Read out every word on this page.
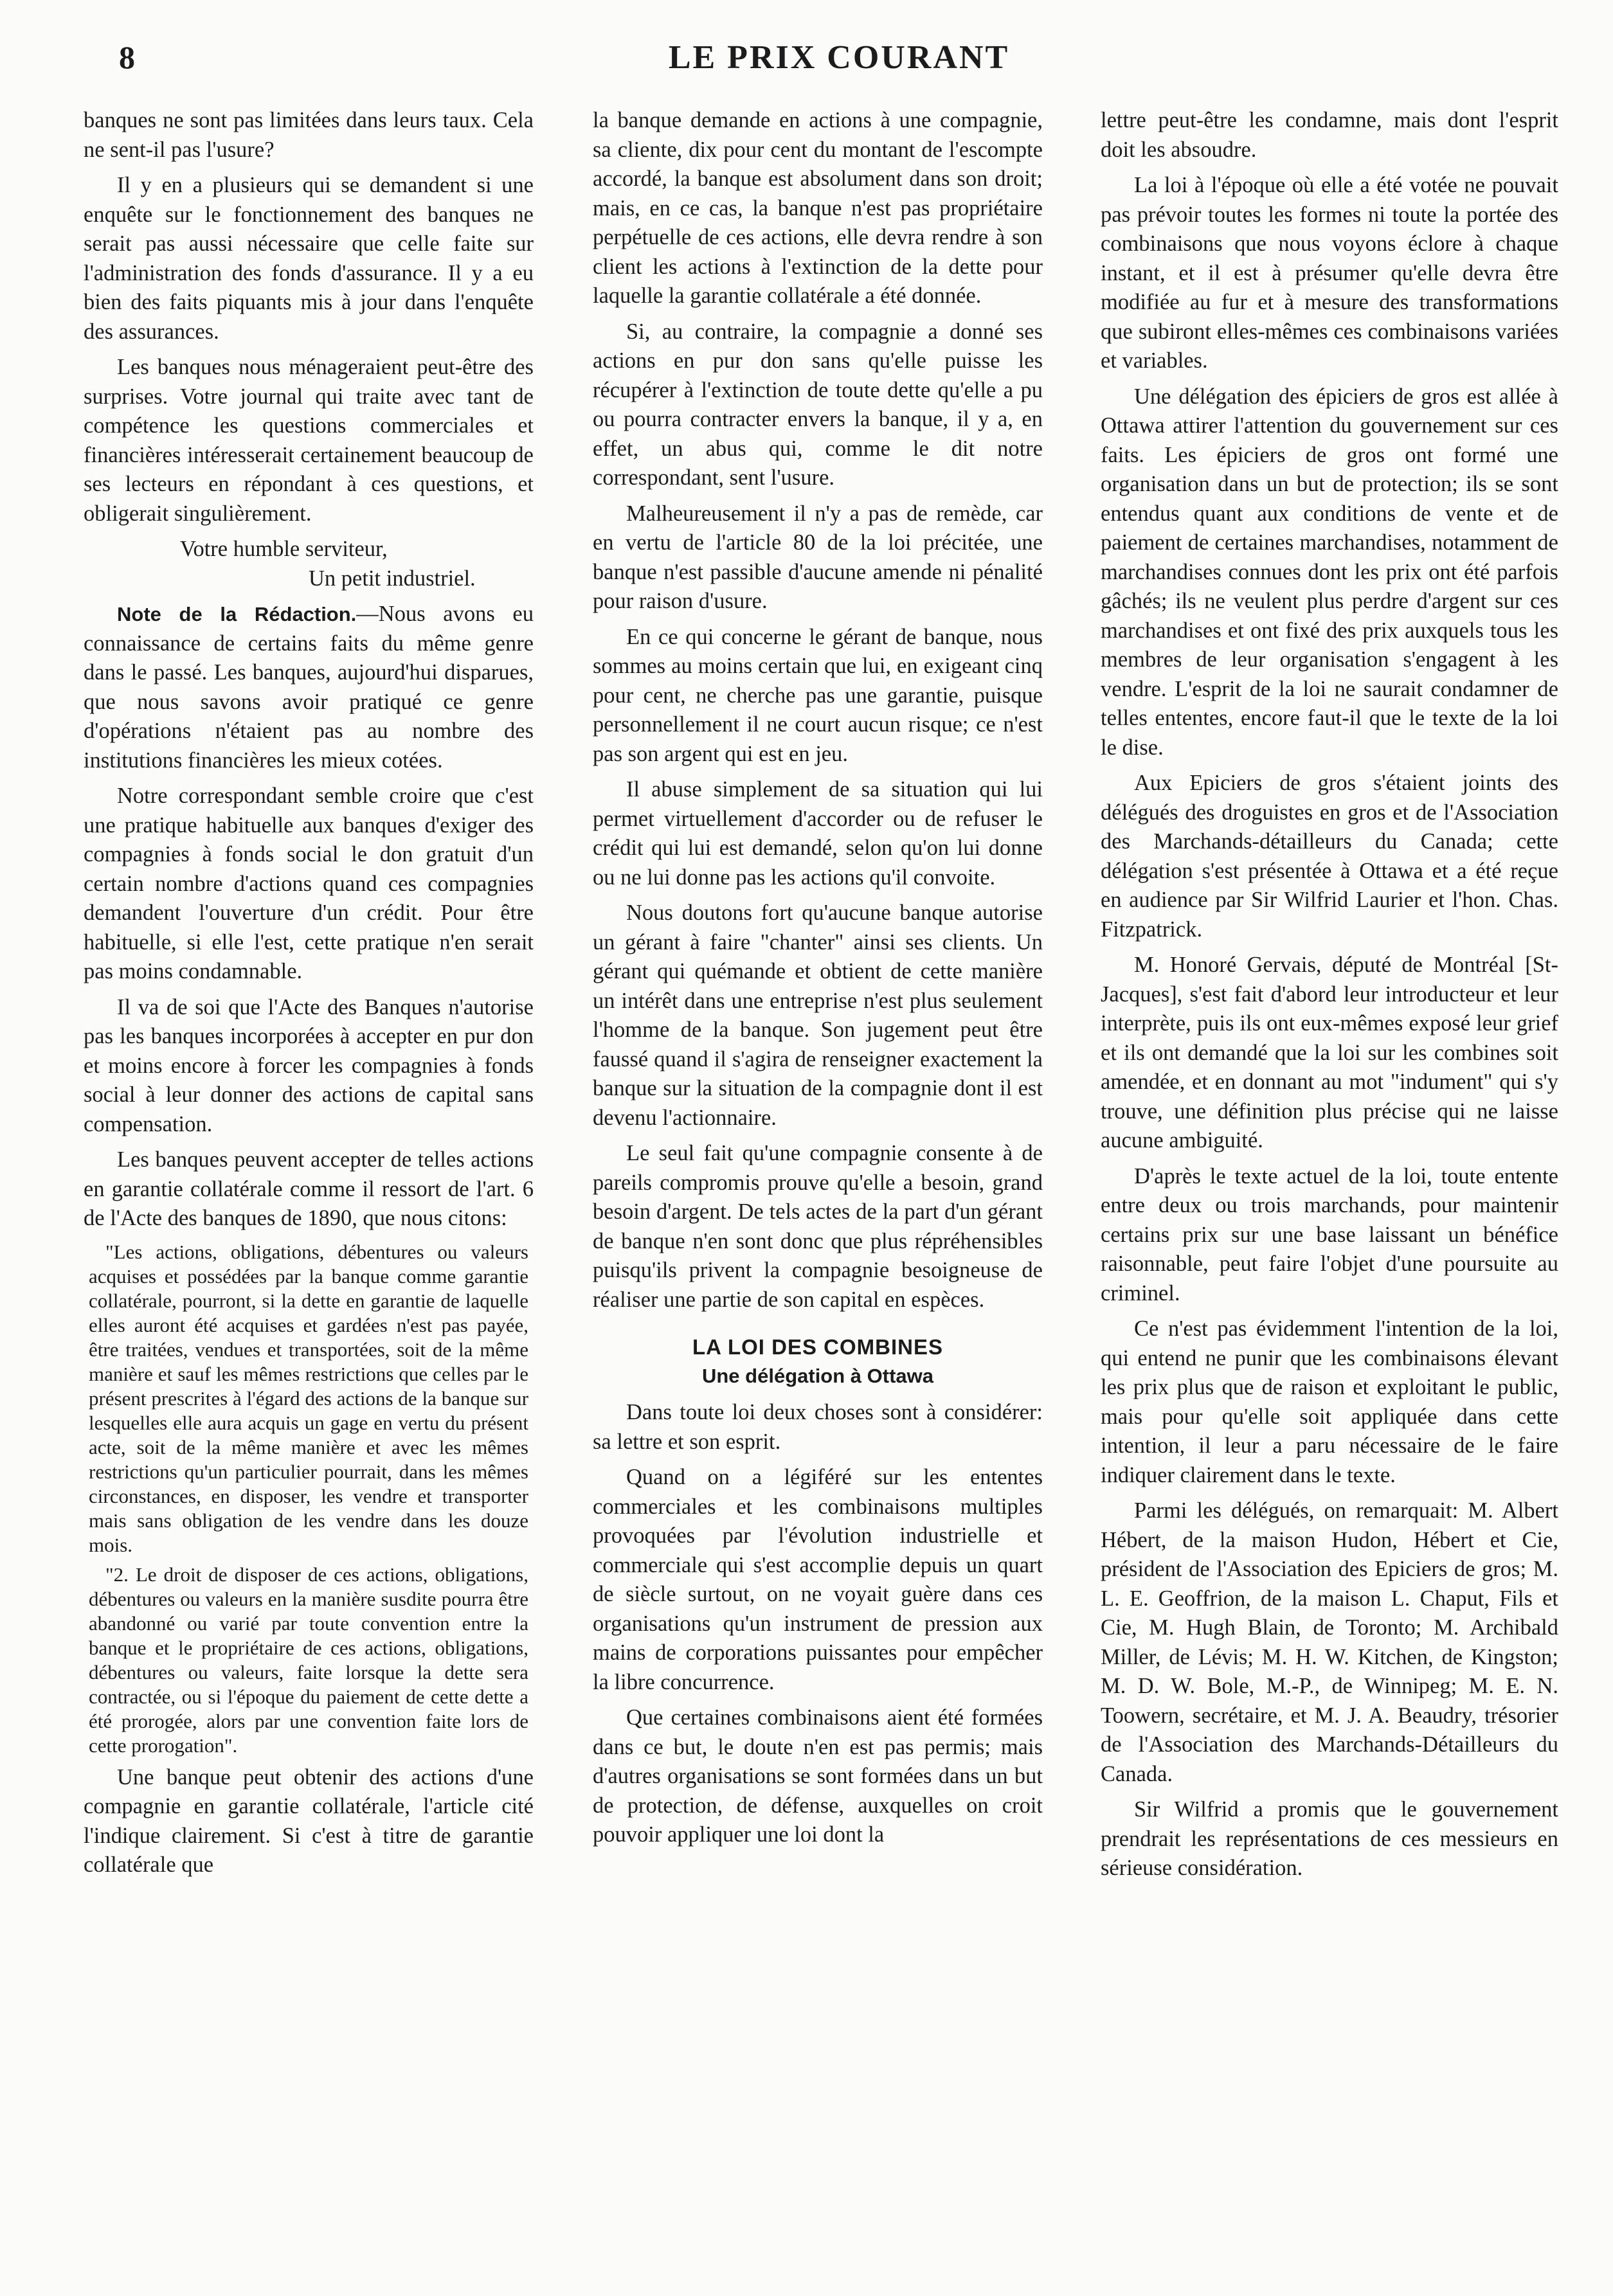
8	LE PRIX COURANT

banques ne sont pas limitées dans leurs taux. Cela ne sent-il pas l'usure?

Il y en a plusieurs qui se demandent si une enquête sur le fonctionnement des banques ne serait pas aussi nécessaire que celle faite sur l'administration des fonds d'assurance. Il y a eu bien des faits piquants mis à jour dans l'enquête des assurances.

Les banques nous ménageraient peut-être des surprises. Votre journal qui traite avec tant de compétence les questions commerciales et financières intéresserait certainement beaucoup de ses lecteurs en répondant à ces questions, et obligerait singulièrement.

Votre humble serviteur,

Un petit industriel.

Note de la Rédaction.—Nous avons eu connaissance de certains faits du même genre dans le passé. Les banques, aujourd'hui disparues, que nous savons avoir pratiqué ce genre d'opérations n'étaient pas au nombre des institutions financières les mieux cotées.

Notre correspondant semble croire que c'est une pratique habituelle aux banques d'exiger des compagnies à fonds social le don gratuit d'un certain nombre d'actions quand ces compagnies demandent l'ouverture d'un crédit. Pour être habituelle, si elle l'est, cette pratique n'en serait pas moins condamnable.

Il va de soi que l'Acte des Banques n'autorise pas les banques incorporées à accepter en pur don et moins encore à forcer les compagnies à fonds social à leur donner des actions de capital sans compensation.

Les banques peuvent accepter de telles actions en garantie collatérale comme il ressort de l'art. 6 de l'Acte des banques de 1890, que nous citons:

"Les actions, obligations, débentures ou valeurs acquises et possédées par la banque comme garantie collatérale, pourront, si la dette en garantie de laquelle elles auront été acquises et gardées n'est pas payée, être traitées, vendues et transportées, soit de la même manière et sauf les mêmes restrictions que celles par le présent prescrites à l'égard des actions de la banque sur lesquelles elle aura acquis un gage en vertu du présent acte, soit de la même manière et avec les mêmes restrictions qu'un particulier pourrait, dans les mêmes circonstances, en disposer, les vendre et transporter mais sans obligation de les vendre dans les douze mois.

"2. Le droit de disposer de ces actions, obligations, débentures ou valeurs en la manière susdite pourra être abandonné ou varié par toute convention entre la banque et le propriétaire de ces actions, obligations, débentures ou valeurs, faite lorsque la dette sera contractée, ou si l'époque du paiement de cette dette a été prorogée, alors par une convention faite lors de cette prorogation".

Une banque peut obtenir des actions d'une compagnie en garantie collatérale, l'article cité l'indique clairement. Si c'est à titre de garantie collatérale que

la banque demande en actions à une compagnie, sa cliente, dix pour cent du montant de l'escompte accordé, la banque est absolument dans son droit; mais, en ce cas, la banque n'est pas propriétaire perpétuelle de ces actions, elle devra rendre à son client les actions à l'extinction de la dette pour laquelle la garantie collatérale a été donnée.

Si, au contraire, la compagnie a donné ses actions en pur don sans qu'elle puisse les récupérer à l'extinction de toute dette qu'elle a pu ou pourra contracter envers la banque, il y a, en effet, un abus qui, comme le dit notre correspondant, sent l'usure.

Malheureusement il n'y a pas de remède, car en vertu de l'article 80 de la loi précitée, une banque n'est passible d'aucune amende ni pénalité pour raison d'usure.

En ce qui concerne le gérant de banque, nous sommes au moins certain que lui, en exigeant cinq pour cent, ne cherche pas une garantie, puisque personnellement il ne court aucun risque; ce n'est pas son argent qui est en jeu.

Il abuse simplement de sa situation qui lui permet virtuellement d'accorder ou de refuser le crédit qui lui est demandé, selon qu'on lui donne ou ne lui donne pas les actions qu'il convoite.

Nous doutons fort qu'aucune banque autorise un gérant à faire "chanter" ainsi ses clients. Un gérant qui quémande et obtient de cette manière un intérêt dans une entreprise n'est plus seulement l'homme de la banque. Son jugement peut être faussé quand il s'agira de renseigner exactement la banque sur la situation de la compagnie dont il est devenu l'actionnaire.

Le seul fait qu'une compagnie consente à de pareils compromis prouve qu'elle a besoin, grand besoin d'argent. De tels actes de la part d'un gérant de banque n'en sont donc que plus répréhensibles puisqu'ils privent la compagnie besoigneuse de réaliser une partie de son capital en espèces.

LA LOI DES COMBINES
Une délégation à Ottawa

Dans toute loi deux choses sont à considérer: sa lettre et son esprit.

Quand on a légiféré sur les ententes commerciales et les combinaisons multiples provoquées par l'évolution industrielle et commerciale qui s'est accomplie depuis un quart de siècle surtout, on ne voyait guère dans ces organisations qu'un instrument de pression aux mains de corporations puissantes pour empêcher la libre concurrence.

Que certaines combinaisons aient été formées dans ce but, le doute n'en est pas permis; mais d'autres organisations se sont formées dans un but de protection, de défense, auxquelles on croit pouvoir appliquer une loi dont la

lettre peut-être les condamne, mais dont l'esprit doit les absoudre.

La loi à l'époque où elle a été votée ne pouvait pas prévoir toutes les formes ni toute la portée des combinaisons que nous voyons éclore à chaque instant, et il est à présumer qu'elle devra être modifiée au fur et à mesure des transformations que subiront elles-mêmes ces combinaisons variées et variables.

Une délégation des épiciers de gros est allée à Ottawa attirer l'attention du gouvernement sur ces faits. Les épiciers de gros ont formé une organisation dans un but de protection; ils se sont entendus quant aux conditions de vente et de paiement de certaines marchandises, notamment de marchandises connues dont les prix ont été parfois gâchés; ils ne veulent plus perdre d'argent sur ces marchandises et ont fixé des prix auxquels tous les membres de leur organisation s'engagent à les vendre. L'esprit de la loi ne saurait condamner de telles ententes, encore faut-il que le texte de la loi le dise.

Aux Epiciers de gros s'étaient joints des délégués des droguistes en gros et de l'Association des Marchands-détailleurs du Canada; cette délégation s'est présentée à Ottawa et a été reçue en audience par Sir Wilfrid Laurier et l'hon. Chas. Fitzpatrick.

M. Honoré Gervais, député de Montréal [St-Jacques], s'est fait d'abord leur introducteur et leur interprète, puis ils ont eux-mêmes exposé leur grief et ils ont demandé que la loi sur les combines soit amendée, et en donnant au mot "indument" qui s'y trouve, une définition plus précise qui ne laisse aucune ambiguité.

D'après le texte actuel de la loi, toute entente entre deux ou trois marchands, pour maintenir certains prix sur une base laissant un bénéfice raisonnable, peut faire l'objet d'une poursuite au criminel.

Ce n'est pas évidemment l'intention de la loi, qui entend ne punir que les combinaisons élevant les prix plus que de raison et exploitant le public, mais pour qu'elle soit appliquée dans cette intention, il leur a paru nécessaire de le faire indiquer clairement dans le texte.

Parmi les délégués, on remarquait: M. Albert Hébert, de la maison Hudon, Hébert et Cie, président de l'Association des Epiciers de gros; M. L. E. Geoffrion, de la maison L. Chaput, Fils et Cie, M. Hugh Blain, de Toronto; M. Archibald Miller, de Lévis; M. H. W. Kitchen, de Kingston; M. D. W. Bole, M.-P., de Winnipeg; M. E. N. Toowern, secrétaire, et M. J. A. Beaudry, trésorier de l'Association des Marchands-Détailleurs du Canada.

Sir Wilfrid a promis que le gouvernement prendrait les représentations de ces messieurs en sérieuse considération.
